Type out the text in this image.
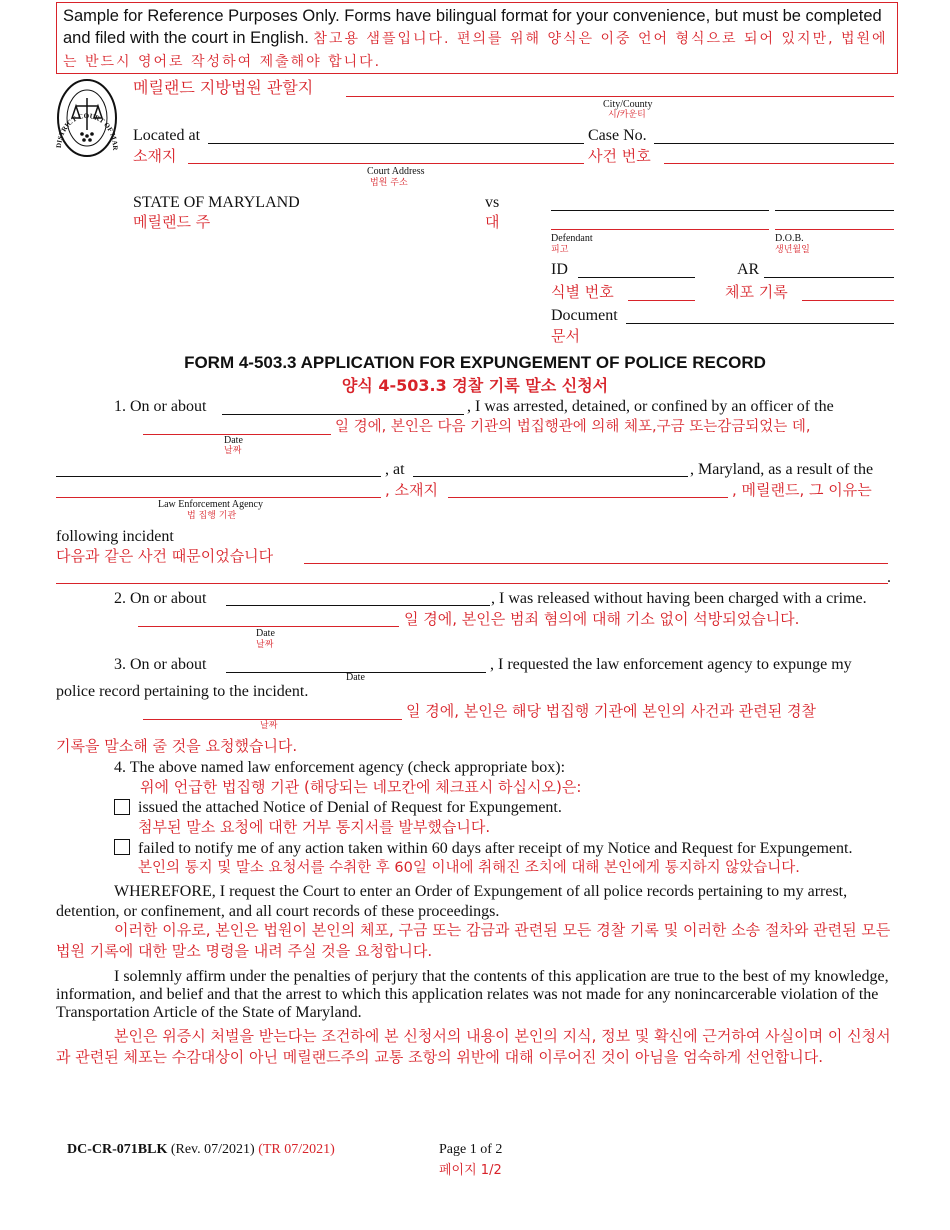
Sample for Reference Purposes Only. Forms have bilingual format for your convenience, but must be completed and filed with the court in English. 참고용 샘플입니다. 편의를 위해 양식은 이중 언어 형식으로 되어 있지만, 법원에는 반드시 영어로 작성하여 제출해야 합니다.
ISTRICT COURT OF M
메릴랜드 지방법원 관할지
City/County
시/카운티
Located at
소재지
Case No.
사건 번호
Court Address
법원 주소
STATE OF MARYLAND
메릴랜드 주
vs
대
Defendant
피고
D.O.B.
생년월일
ID
식별 번호
AR
체포 기록
Document
문서
FORM 4-503.3 APPLICATION FOR EXPUNGEMENT OF POLICE RECORD
양식 4-503.3 경찰 기록 말소 신청서
1. On or about	, I was arrested, detained, or confined by an officer of the
일 경에, 본인은 다음 기관의 법집행관에 의해 체포,구금 또는감금되었는 데,
Date
날짜
, at	, Maryland, as a result of the
, 소재지	, 메릴랜드, 그 이유는
Law Enforcement Agency
법 집행 기관
following incident
다음과 같은 사건 때문이었습니다
.
2. On or about	, I was released without having been charged with a crime.
일 경에, 본인은 범죄 혐의에 대해 기소 없이 석방되었습니다.
Date
날짜
3. On or about	, I requested the law enforcement agency to expunge my
Date
police record pertaining to the incident.
날짜
일 경에, 본인은 해당 법집행 기관에 본인의 사건과 관련된 경찰
기록을 말소해 줄 것을 요청했습니다.
4. The above named law enforcement agency (check appropriate box):
위에 언급한 법집행 기관 (해당되는 네모칸에 체크표시 하십시오)은:
issued the attached Notice of Denial of Request for Expungement.
첨부된 말소 요청에 대한 거부 통지서를 발부했습니다.
failed to notify me of any action taken within 60 days after receipt of my Notice and Request for Expungement.
본인의 통지 및 말소 요청서를 수취한 후 60일 이내에 취해진 조치에 대해 본인에게 통지하지 않았습니다.
WHEREFORE, I request the Court to enter an Order of Expungement of all police records pertaining to my arrest, detention, or confinement, and all court records of these proceedings.
이러한 이유로, 본인은 법원이 본인의 체포, 구금 또는 감금과 관련된 모든 경찰 기록 및 이러한 소송 절차와 관련된 모든 법원 기록에 대한 말소 명령을 내려 주실 것을 요청합니다.
I solemnly affirm under the penalties of perjury that the contents of this application are true to the best of my knowledge, information, and belief and that the arrest to which this application relates was not made for any nonincarcerable violation of the Transportation Article of the State of Maryland.
본인은 위증시 처벌을 받는다는 조건하에 본 신청서의 내용이 본인의 지식, 정보 및 확신에 근거하여 사실이며 이 신청서과 관련된 체포는 수감대상이 아닌 메릴랜드주의 교통 조항의 위반에 대해 이루어진 것이 아님을 엄숙하게 선언합니다.
DC-CR-071BLK (Rev. 07/2021) (TR 07/2021)	Page 1 of 2
페이지 1/2
